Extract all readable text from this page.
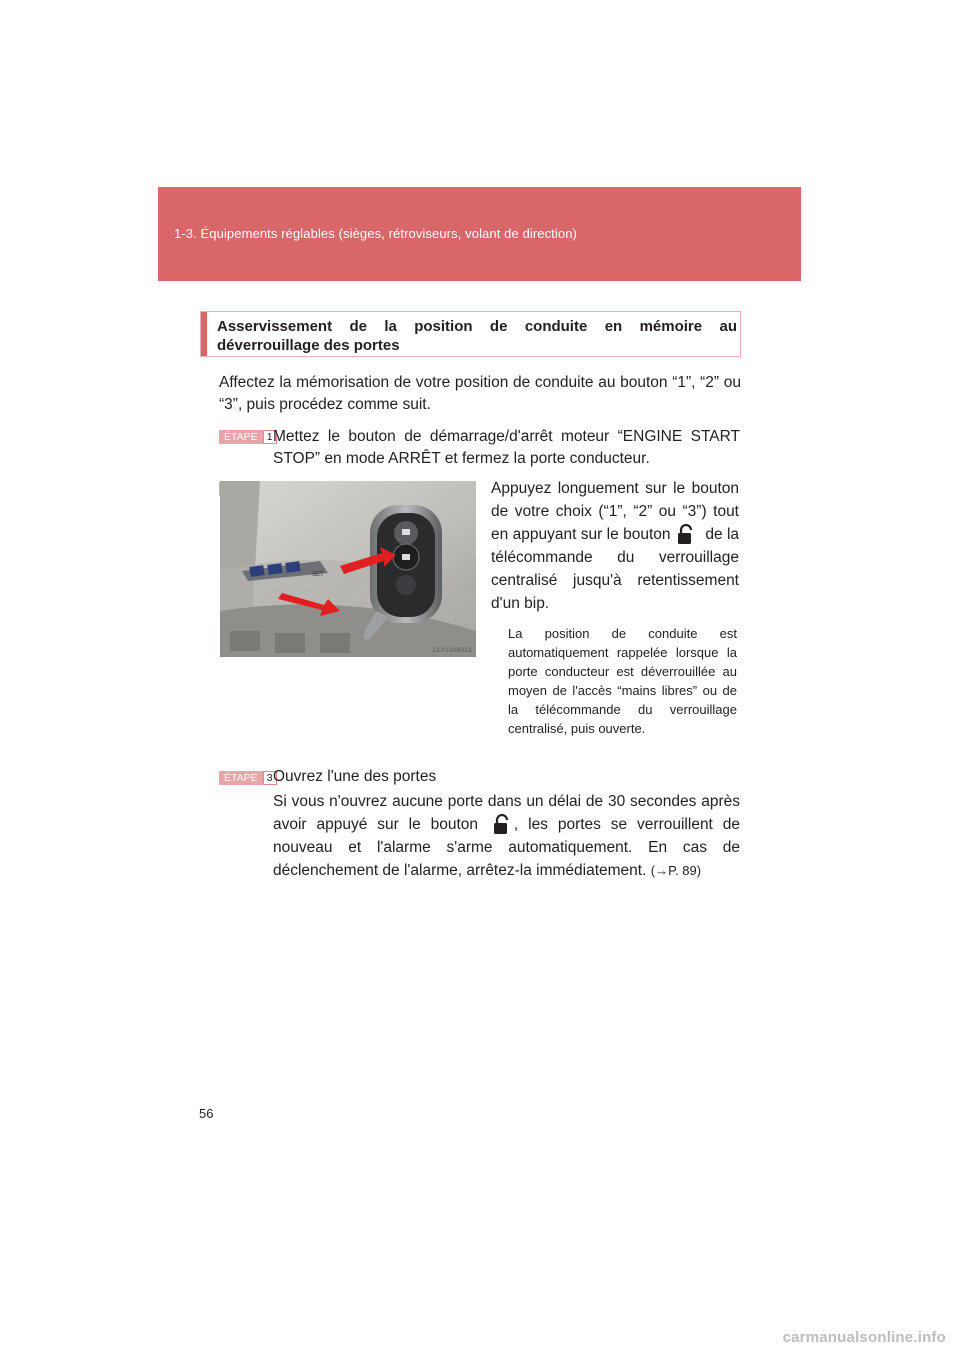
1-3. Équipements réglables (sièges, rétroviseurs, volant de direction)
Asservissement de la position de conduite en mémoire au déverrouillage des portes
Affectez la mémorisation de votre position de conduite au bouton “1”, “2” ou “3”, puis procédez comme suit.
ÉTAPE 1 Mettez le bouton de démarrage/d'arrêt moteur “ENGINE START STOP” en mode ARRÊT et fermez la porte conducteur.
SET
CLY13AB013
Appuyez longuement sur le bouton de votre choix (“1”, “2” ou “3”) tout en appuyant sur le bouton de la télécommande du verrouillage centralisé jusqu'à retentissement d'un bip.
La position de conduite est automatiquement rappelée lorsque la porte conducteur est déverrouillée au moyen de l'accès “mains libres” ou de la télécommande du verrouillage centralisé, puis ouverte.
ÉTAPE 3 Ouvrez l'une des portes
Si vous n'ouvrez aucune porte dans un délai de 30 secondes après avoir appuyé sur le bouton , les portes se verrouillent de nouveau et l'alarme s'arme automatiquement. En cas de déclenchement de l'alarme, arrêtez-la immédiatement. (→P. 89)
56
carmanualsonline.info
